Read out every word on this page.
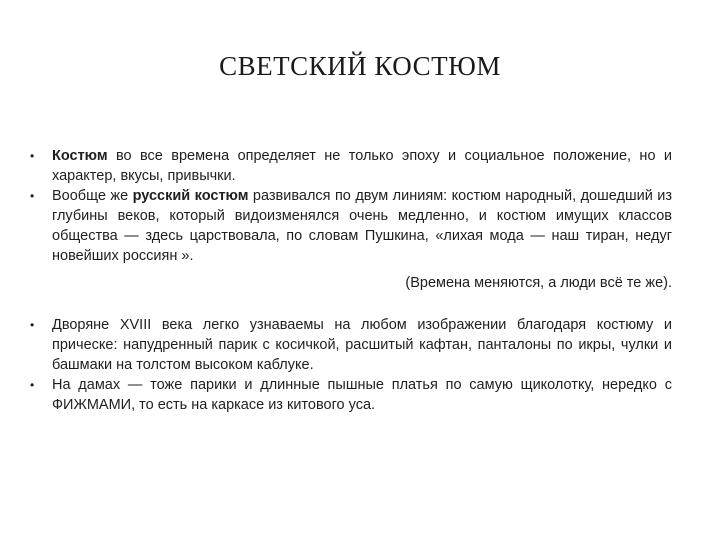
СВЕТСКИЙ КОСТЮМ

•	Костюм во все времена определяет не только эпоху и социальное положение, но и характер, вкусы, привычки.

•	Вообще же русский костюм развивался по двум линиям: костюм народный, дошедший из глубины веков, который видоизменялся очень медленно, и костюм имущих классов общества — здесь царствовала, по словам Пушкина, «лихая мода — наш тиран, недуг новейших россиян ».

(Времена меняются, а люди всё те же).

•	Дворяне XVIII века легко узнаваемы на любом изображении благодаря костюму и прическе: напудренный парик с косичкой, расшитый кафтан, панталоны по икры, чулки и башмаки на толстом высоком каблуке.

•	На дамах — тоже парики и длинные пышные платья по самую щиколотку, нередко с ФИЖМАМИ, то есть на каркасе из китового уса.
